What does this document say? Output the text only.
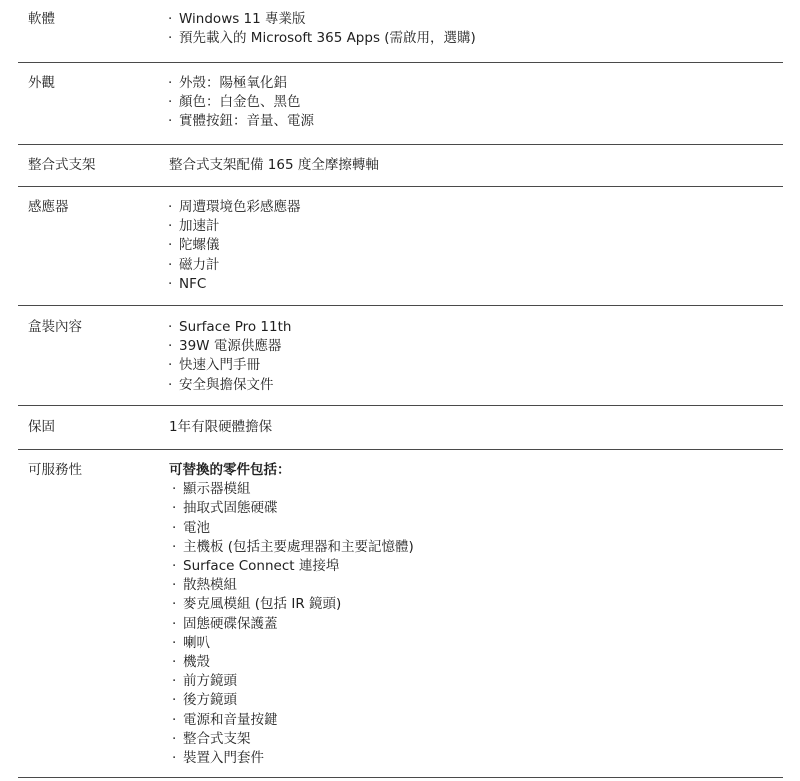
軟體	· Windows 11 專業版
· 預先載入的 Microsoft 365 Apps (需啟用，選購)
外觀	· 外殼：陽極氧化鋁
· 顏色：白金色、黑色
· 實體按鈕：音量、電源
整合式支架	整合式支架配備 165 度全摩擦轉軸
感應器	· 周遭環境色彩感應器
· 加速計
· 陀螺儀
· 磁力計
· NFC
盒裝內容	· Surface Pro 11th
· 39W 電源供應器
· 快速入門手冊
· 安全與擔保文件
保固	1年有限硬體擔保
可服務性	可替換的零件包括：
· 顯示器模組
· 抽取式固態硬碟
· 電池
· 主機板 (包括主要處理器和主要記憶體)
· Surface Connect 連接埠
· 散熱模組
· 麥克風模組 (包括 IR 鏡頭)
· 固態硬碟保護蓋
· 喇叭
· 機殼
· 前方鏡頭
· 後方鏡頭
· 電源和音量按鍵
· 整合式支架
· 裝置入門套件
